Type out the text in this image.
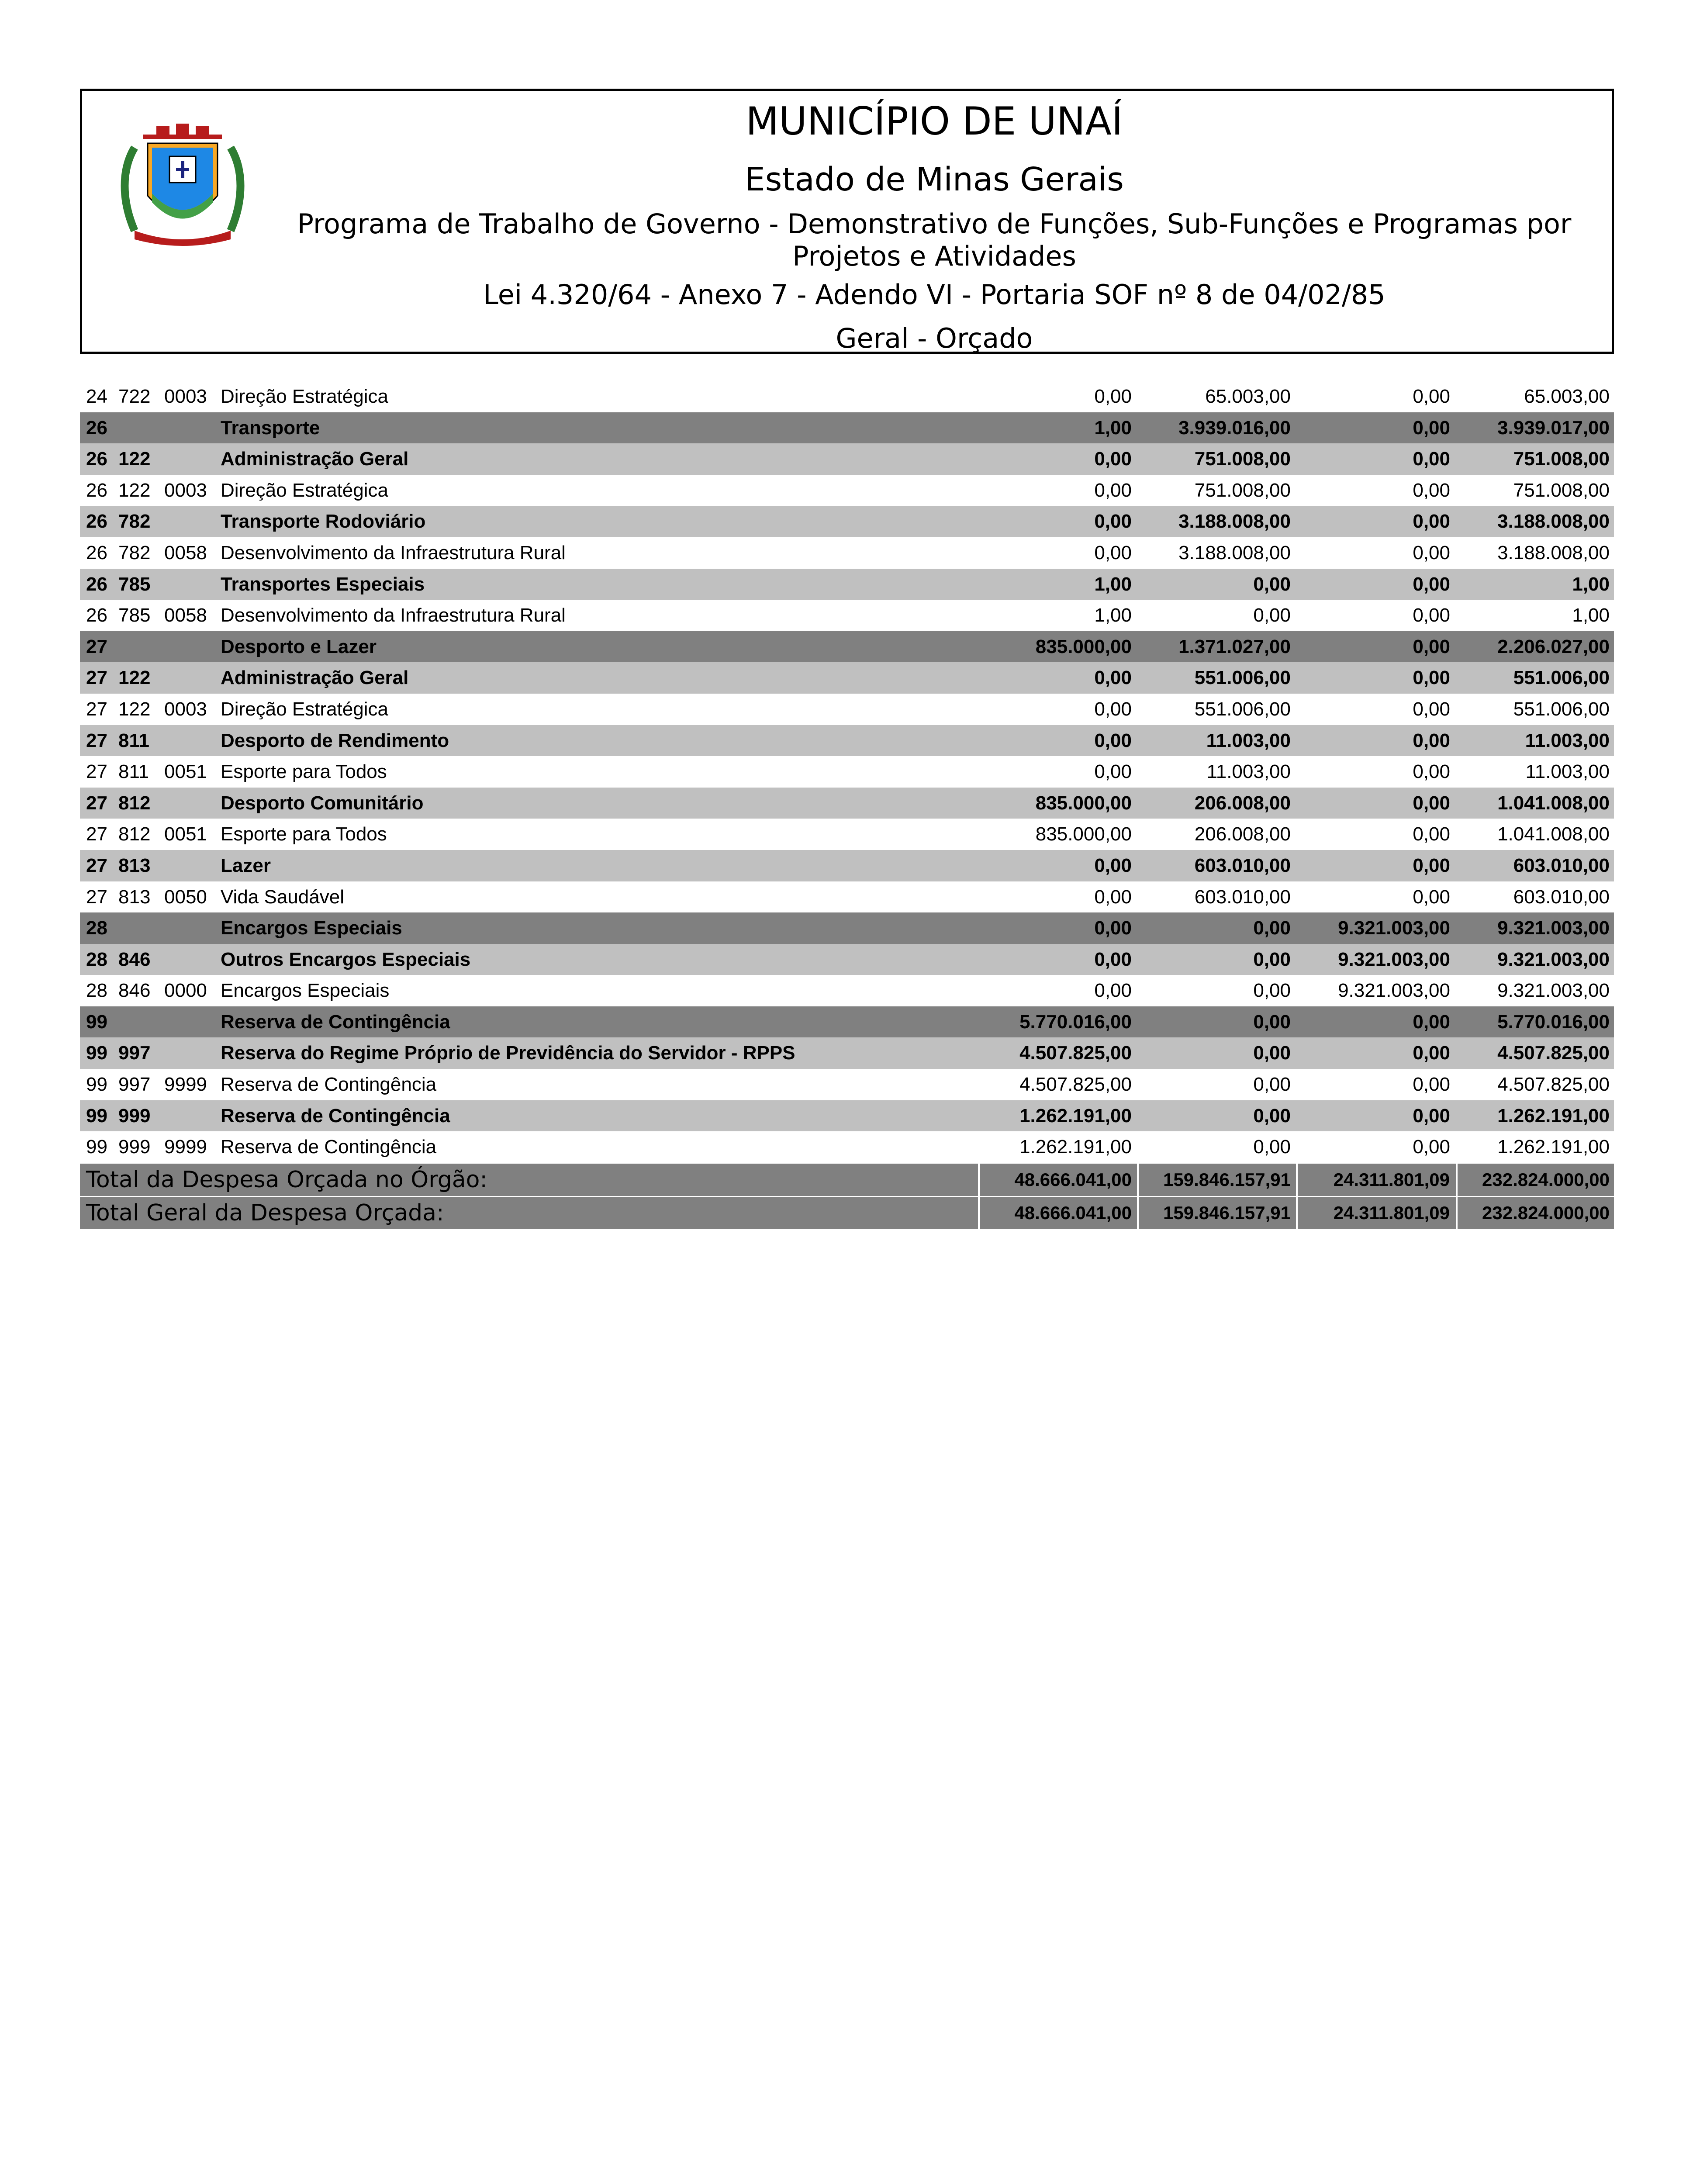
MUNICÍPIO DE UNAÍ
Estado de Minas Gerais
Programa de Trabalho de Governo - Demonstrativo de Funções, Sub-Funções e Programas por
Projetos e Atividades
Lei 4.320/64 - Anexo 7 - Adendo VI - Portaria SOF nº 8 de 04/02/85
Geral - Orçado
24 722 0003 Direção Estratégica	0,00	65.003,00	0,00	65.003,00
26	Transporte	1,00 3.939.016,00	0,00 3.939.017,00
26 122	Administração Geral	0,00	751.008,00	0,00	751.008,00
26 122 0003 Direção Estratégica	0,00	751.008,00	0,00	751.008,00
26 782	Transporte Rodoviário	0,00 3.188.008,00	0,00 3.188.008,00
26 782 0058 Desenvolvimento da Infraestrutura Rural	0,00 3.188.008,00	0,00 3.188.008,00
26 785	Transportes Especiais	1,00	0,00	0,00	1,00
26 785 0058 Desenvolvimento da Infraestrutura Rural	1,00	0,00	0,00	1,00
27	Desporto e Lazer	835.000,00 1.371.027,00	0,00 2.206.027,00
27 122	Administração Geral	0,00	551.006,00	0,00	551.006,00
27 122 0003 Direção Estratégica	0,00	551.006,00	0,00	551.006,00
27 811	Desporto de Rendimento	0,00	11.003,00	0,00	11.003,00
27 811 0051 Esporte para Todos	0,00	11.003,00	0,00	11.003,00
27 812	Desporto Comunitário	835.000,00	206.008,00	0,00 1.041.008,00
27 812 0051 Esporte para Todos	835.000,00	206.008,00	0,00 1.041.008,00
27 813	Lazer	0,00	603.010,00	0,00	603.010,00
27 813 0050 Vida Saudável	0,00	603.010,00	0,00	603.010,00
28	Encargos Especiais	0,00	0,00 9.321.003,00 9.321.003,00
28 846	Outros Encargos Especiais	0,00	0,00 9.321.003,00 9.321.003,00
28 846 0000 Encargos Especiais	0,00	0,00 9.321.003,00 9.321.003,00
99	Reserva de Contingência	5.770.016,00	0,00	0,00 5.770.016,00
99 997	Reserva do Regime Próprio de Previdência do Servidor - RPPS	4.507.825,00	0,00	0,00 4.507.825,00
99 997 9999 Reserva de Contingência	4.507.825,00	0,00	0,00 4.507.825,00
99 999	Reserva de Contingência	1.262.191,00	0,00	0,00 1.262.191,00
99 999 9999 Reserva de Contingência	1.262.191,00	0,00	0,00 1.262.191,00
Total da Despesa Orçada no Órgão:	48.666.041,00	159.846.157,91	24.311.801,09	232.824.000,00
Total Geral da Despesa Orçada:	48.666.041,00	159.846.157,91	24.311.801,09	232.824.000,00
